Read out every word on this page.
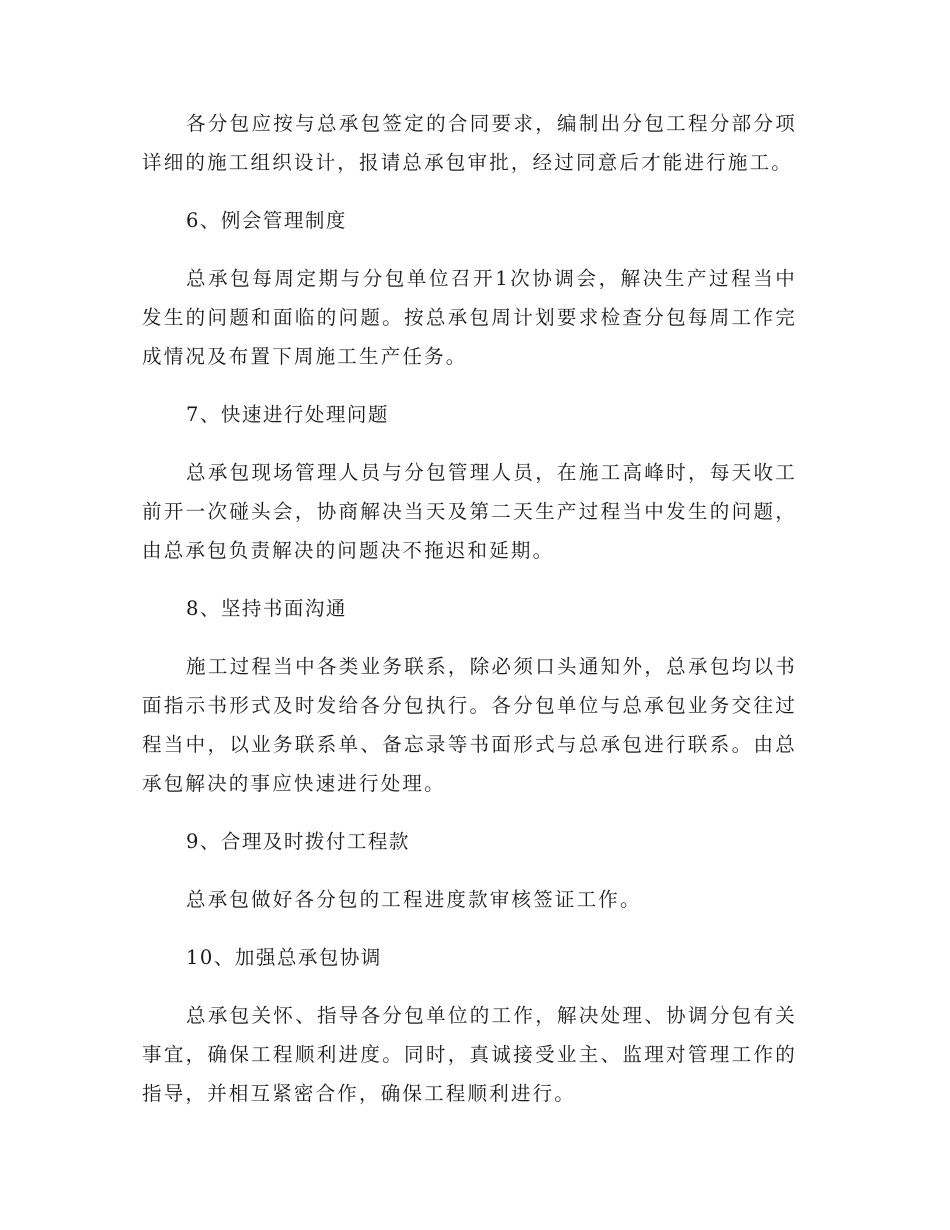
各分包应按与总承包签定的合同要求，编制出分包工程分部分项详细的施工组织设计，报请总承包审批，经过同意后才能进行施工。

6、例会管理制度

总承包每周定期与分包单位召开1次协调会，解决生产过程当中发生的问题和面临的问题。按总承包周计划要求检查分包每周工作完成情况及布置下周施工生产任务。

7、快速进行处理问题

总承包现场管理人员与分包管理人员，在施工高峰时，每天收工前开一次碰头会，协商解决当天及第二天生产过程当中发生的问题，由总承包负责解决的问题决不拖迟和延期。

8、坚持书面沟通

施工过程当中各类业务联系，除必须口头通知外，总承包均以书面指示书形式及时发给各分包执行。各分包单位与总承包业务交往过程当中，以业务联系单、备忘录等书面形式与总承包进行联系。由总承包解决的事应快速进行处理。

9、合理及时拨付工程款

总承包做好各分包的工程进度款审核签证工作。

10、加强总承包协调

总承包关怀、指导各分包单位的工作，解决处理、协调分包有关事宜，确保工程顺利进度。同时，真诚接受业主、监理对管理工作的指导，并相互紧密合作，确保工程顺利进行。
